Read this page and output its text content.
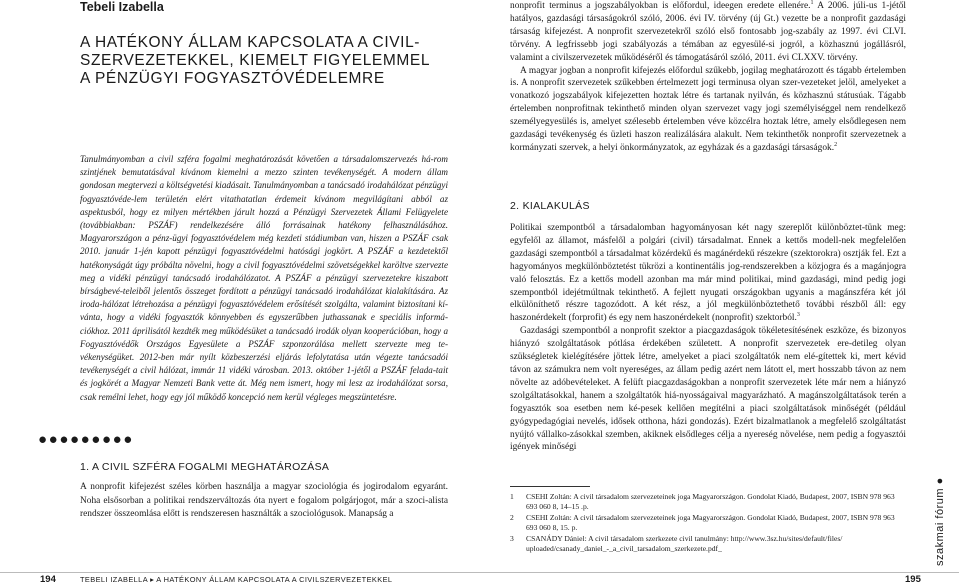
Tebeli Izabella
A HATÉKONY ÁLLAM KAPCSOLATA A CIVIL-
SZERVEZETEKKEL, KIEMELT FIGYELEMMEL
A PÉNZÜGYI FOGYASZTÓVÉDELEMRE
Tanulmányomban a civil szféra fogalmi meghatározását követően a társadalomszervezés há-rom szintjének bemutatásával kívánom kiemelni a mezzo szinten tevékenységét. A modern állam gondosan megtervezi a költségvetési kiadásait. Tanulmányomban a tanácsadó irodahálózat pénzügyi fogyasztóvéde-lem területén elért vitathatatlan érdemeit kívánom megvilágítani abból az aspektusból, hogy ez milyen mértékben járult hozzá a Pénzügyi Szervezetek Állami Felügyelete (továbbiakban: PSZÁF) rendelkezésére álló forrásainak hatékony felhasználásához. Magyarországon a pénz-ügyi fogyasztóvédelem még kezdeti stádiumban van, hiszen a PSZÁF csak 2010. január 1-jén kapott pénzügyi fogyasztóvédelmi hatósági jogkört. A PSZÁF a kezdetektől hatékonyságát úgy próbálta növelni, hogy a civil fogyasztóvédelmi szövetségekkel karöltve szervezte meg a vidéki pénzügyi tanácsadó irodahálózatot. A PSZÁF a pénzügyi szervezetekre kiszabott bírságbevé-teleiből jelentős összeget fordított a pénzügyi tanácsadó irodahálózat kialakítására. Az iroda-hálózat létrehozása a pénzügyi fogyasztóvédelem erősítését szolgálta, valamint biztosítani kí-vánta, hogy a vidéki fogyasztók könnyebben és egyszerűbben juthassanak e speciális informá-ciókhoz. 2011 áprilisától kezdték meg működésüket a tanácsadó irodák olyan kooperációban, hogy a Fogyasztóvédők Országos Egyesülete a PSZÁF szponzorálása mellett szervezte meg te-vékenységüket. 2012-ben már nyílt közbeszerzési eljárás lefolytatása után végezte tanácsadói tevékenységét a civil hálózat, immár 11 vidéki városban. 2013. október 1-jétől a PSZÁF felada-tait és jogkörét a Magyar Nemzeti Bank vette át. Még nem ismert, hogy mi lesz az irodahálózat sorsa, csak remélni lehet, hogy egy jól működő koncepció nem kerül végleges megszüntetésre.
●●●●●●●●●
1. A CIVIL SZFÉRA FOGALMI MEGHATÁROZÁSA
A nonprofit kifejezést széles körben használja a magyar szociológia és jogirodalom egyaránt. Noha elsősorban a politikai rendszerváltozás óta nyert e fogalom polgárjogot, már a szoci-alista rendszer összeomlása előtt is rendszeresen használták a szociológusok. Manapság a

nonprofit terminus a jogszabályokban is előfordul, ideegen eredete ellenére.$^1$ A 2006. júli-us 1-jétől hatályos, gazdasági társaságokról szóló, 2006. évi IV. törvény (új Gt.) vezette be a nonprofit gazdasági társaság kifejezést. A nonprofit szervezetekről szóló első fontosabb jog-szabály az 1997. évi CLVI. törvény. A legfrissebb jogi szabályozás a témában az egyesülé-si jogról, a közhasznú jogállásról, valamint a civilszervezetek működéséről és támogatásáról szóló, 2011. évi CLXXV. törvény.

A magyar jogban a nonprofit kifejezés előfordul szűkebb, jogilag meghatározott és tágabb értelemben is. A nonprofit szervezetek szűkebben értelmezett jogi terminusa olyan szer-vezeteket jelöl, amelyeket a vonatkozó jogszabályok kifejezetten hoztak létre és tartanak nyilván, és közhasznú státusúak. Tágabb értelemben nonprofitnak tekinthető minden olyan szervezet vagy jogi személyiséggel nem rendelkező személyegyesülés is, amelyet szélesebb értelemben véve közcélra hoztak létre, amely elsődlegesen nem gazdasági tevékenység és üzleti haszon realizálására alakult. Nem tekinthetők nonprofit szervezetnek a kormányzati szervek, a helyi önkormányzatok, az egyházak és a gazdasági társaságok.$^2$

2. KIALAKULÁS

Politikai szempontból a társadalomban hagyományosan két nagy szereplőt különböztet-tünk meg: egyfelől az államot, másfelől a polgári (civil) társadalmat. Ennek a kettős modell-nek megfelelően gazdasági szempontból a társadalmat közérdekű és magánérdekű részekre (szektorokra) osztják fel. Ezt a hagyományos megkülönböztetést tükrözi a kontinentális jog-rendszerekben a közjogra és a magánjogra való felosztás. Ez a kettős modell azonban ma már mind politikai, mind gazdasági, mind pedig jogi szempontból idejétmúltnak tekinthető. A fejlett nyugati országokban ugyanis a magánszféra két jól elkülöníthető részre tagozódott. A két rész, a jól megkülönböztethető további részből áll: egy haszonérdekelt (forprofit) és egy nem haszonérdekelt (nonprofit) szektorból.$^3$

Gazdasági szempontból a nonprofit szektor a piacgazdaságok tökéletesítésének eszköze, és bizonyos hiányzó szolgáltatások pótlása érdekében született. A nonprofit szervezetek ere-detileg olyan szükségletek kielégítésére jöttek létre, amelyeket a piaci szolgáltatók nem elé-gítettek ki, mert kévid távon az számukra nem volt nyereséges, az állam pedig azért nem látott el, mert hosszabb távon az nem növelte az adóbevételeket. A felüft piacgazdaságokban a nonprofit szervezetek léte már nem a hiányzó szolgáltatásokkal, hanem a szolgáltatók hiá-nyosságaival magyarázható. A magánszolgáltatások terén a fogyasztók soa esetben nem ké-pesek kellően megítélni a piaci szolgáltatások minőségét (például gyógypedagógiai nevelés, idősek otthona, házi gondozás). Ezért bizalmatlanok a megfelelő szolgáltatást nyújtó vállalko-zásokkal szemben, akiknek elsődleges célja a nyereség növelése, nem pedig a fogyasztói igények minőségi

1 CSEHI Zoltán: A civil társadalom szervezeteinek joga Magyarországon. Gondolat Kiadó, Budapest, 2007, ISBN 978 963 693 060 8, 14–15 .p.
2 CSEHI Zoltán: A civil társadalom szervezeteinek joga Magyarországon. Gondolat Kiadó, Budapest, 2007, ISBN 978 963 693 060 8, 15. p.
3 CSANÁDY Dániel: A civil társadalom szerkezete civil tanulmány: http://www.3sz.hu/sites/default/files/ uploaded/csanady_daniel_-_a_civil_tarsadalom_szerkezete.pdf_	szakmai fórum ●
194	TEBELI IZABELLA ▸ A HATÉKONY ÁLLAM KAPCSOLATA A CIVILSZERVEZETEKKEL	195
